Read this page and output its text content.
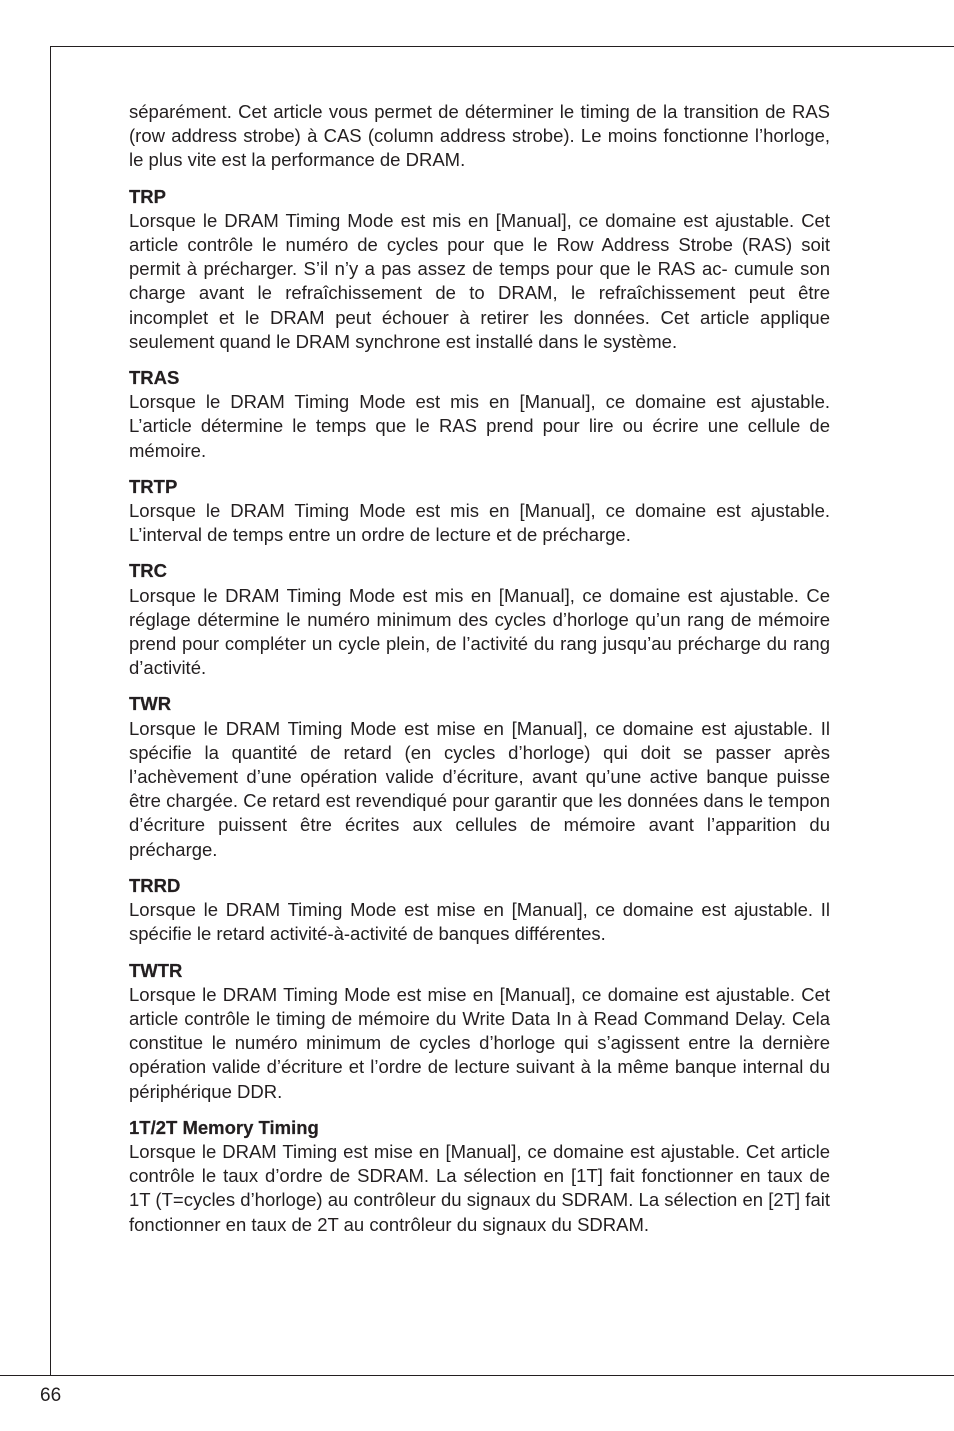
séparément. Cet article vous permet de déterminer le timing de la transition de RAS (row address strobe) à CAS (column address strobe). Le moins fonctionne l’horloge, le plus vite est la performance de DRAM.

TRP

Lorsque le DRAM Timing Mode est mis en [Manual], ce domaine est ajustable. Cet article contrôle le numéro de cycles pour que le Row Address Strobe (RAS) soit permit à précharger. S’il n’y a pas assez de temps pour que le RAS ac- cumule son charge avant le refraîchissement de to DRAM, le refraîchissement peut être incomplet et le DRAM peut échouer à retirer les données. Cet article applique seulement quand le DRAM synchrone est installé dans le système.

TRAS

Lorsque le DRAM Timing Mode est mis en [Manual], ce domaine est ajustable. L’article détermine le temps que le RAS prend pour lire ou écrire une cellule de mémoire.

TRTP

Lorsque le DRAM Timing Mode est mis en [Manual], ce domaine est ajustable. L’interval de temps entre un ordre de lecture et de précharge.

TRC

Lorsque le DRAM Timing Mode est mis en [Manual], ce domaine est ajustable. Ce réglage détermine le numéro minimum des cycles d’horloge qu’un rang de mémoire prend pour compléter un cycle plein, de l’activité du rang jusqu’au précharge du rang d’activité.

TWR

Lorsque le DRAM Timing Mode est mise en [Manual], ce domaine est ajustable. Il spécifie la quantité de retard (en cycles d’horloge) qui doit se passer après l’achèvement d’une opération valide d’écriture, avant qu’une active banque puisse être chargée. Ce retard est revendiqué pour garantir que les données dans le tempon d’écriture puissent être écrites aux cellules de mémoire avant l’apparition du précharge.

TRRD

Lorsque le DRAM Timing Mode est mise en [Manual], ce domaine est ajustable. Il spécifie le retard activité-à-activité de banques différentes.

TWTR

Lorsque le DRAM Timing Mode est mise en [Manual], ce domaine est ajustable. Cet article contrôle le timing de mémoire du Write Data In à Read Command Delay. Cela constitue le numéro minimum de cycles d’horloge qui s’agissent entre la dernière opération valide d’écriture et l’ordre de lecture suivant à la même banque internal du périphérique DDR.

1T/2T Memory Timing

Lorsque le DRAM Timing est mise en [Manual], ce domaine est ajustable. Cet article contrôle le taux d’ordre de SDRAM. La sélection en [1T] fait fonctionner en taux de 1T (T=cycles d’horloge) au contrôleur du signaux du SDRAM. La sélection en [2T] fait fonctionner en taux de 2T au contrôleur du signaux du SDRAM.

66
